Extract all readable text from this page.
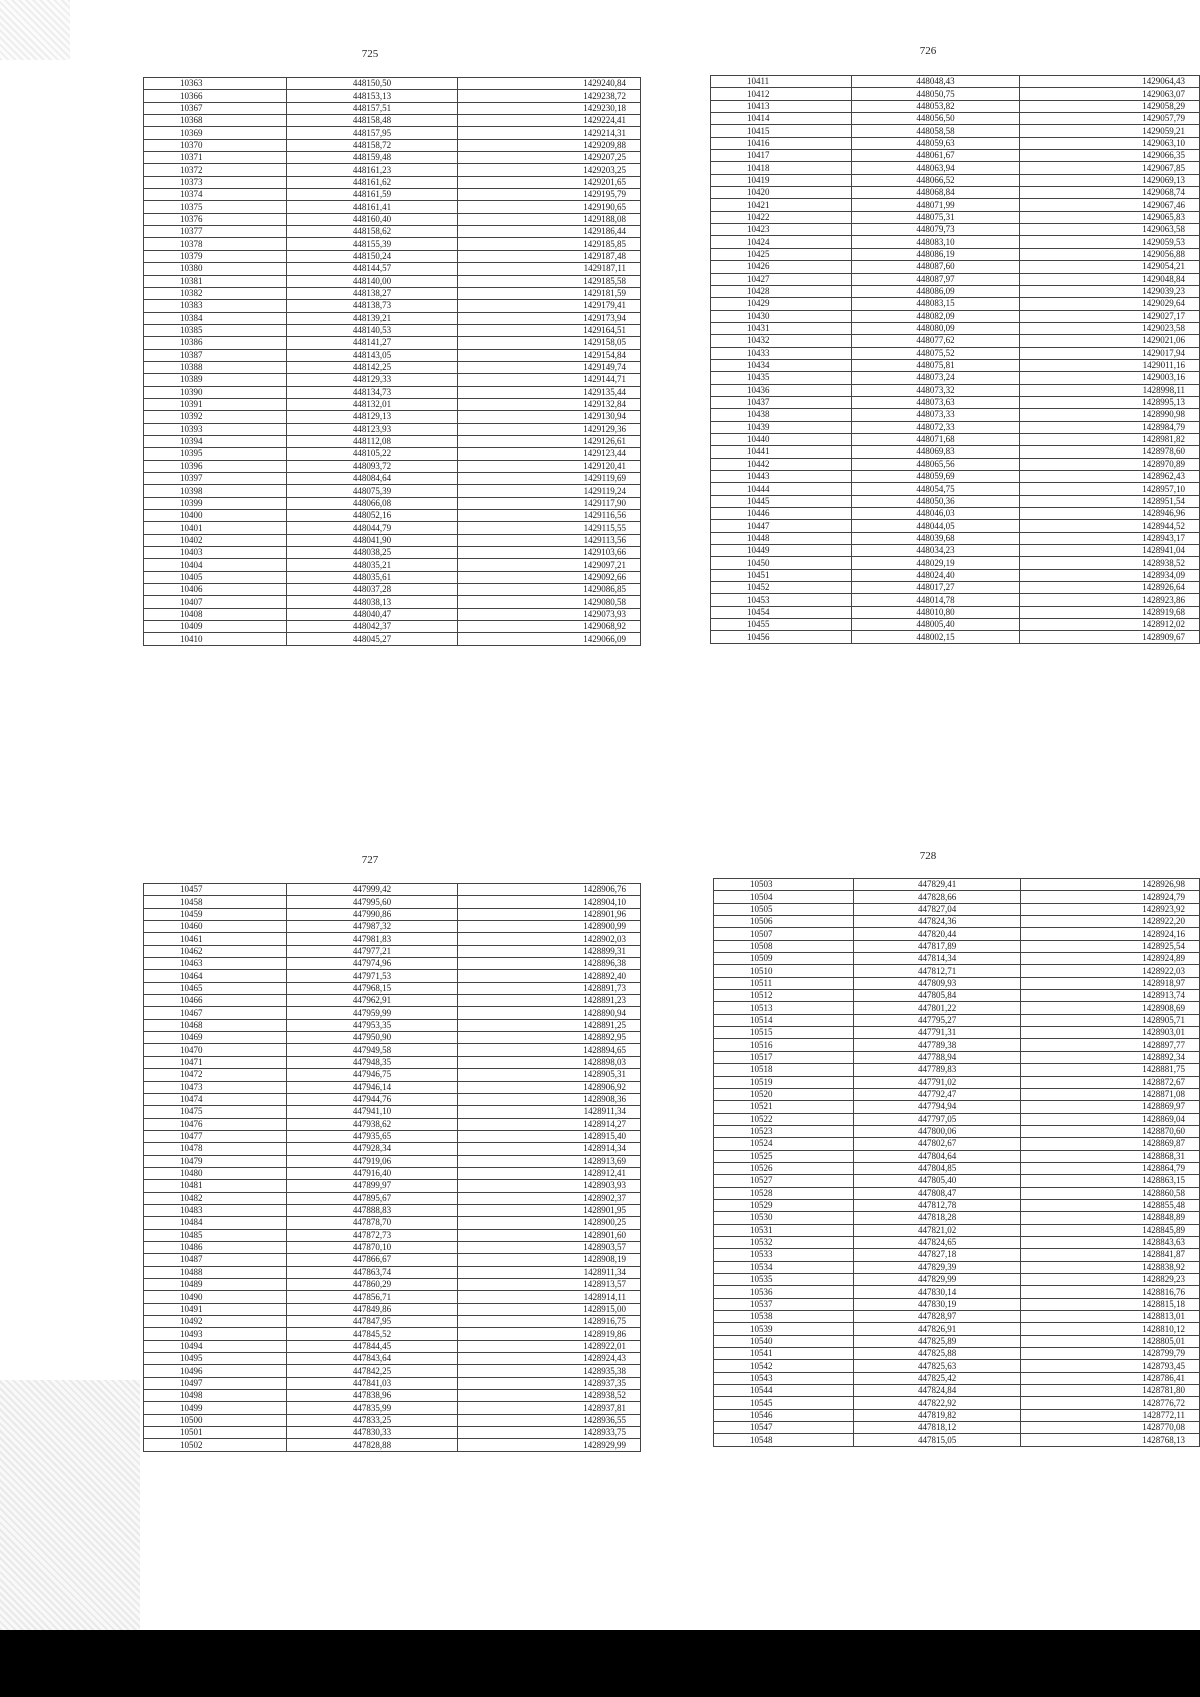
725
10363	448150,50	1429240,84
10366	448153,13	1429238,72
10367	448157,51	1429230,18
10368	448158,48	1429224,41
10369	448157,95	1429214,31
10370	448158,72	1429209,88
10371	448159,48	1429207,25
10372	448161,23	1429203,25
10373	448161,62	1429201,65
10374	448161,59	1429195,79
10375	448161,41	1429190,65
10376	448160,40	1429188,08
10377	448158,62	1429186,44
10378	448155,39	1429185,85
10379	448150,24	1429187,48
10380	448144,57	1429187,11
10381	448140,00	1429185,58
10382	448138,27	1429181,59
10383	448138,73	1429179,41
10384	448139,21	1429173,94
10385	448140,53	1429164,51
10386	448141,27	1429158,05
10387	448143,05	1429154,84
10388	448142,25	1429149,74
10389	448129,33	1429144,71
10390	448134,73	1429135,44
10391	448132,01	1429132,84
10392	448129,13	1429130,94
10393	448123,93	1429129,36
10394	448112,08	1429126,61
10395	448105,22	1429123,44
10396	448093,72	1429120,41
10397	448084,64	1429119,69
10398	448075,39	1429119,24
10399	448066,08	1429117,90
10400	448052,16	1429116,56
10401	448044,79	1429115,55
10402	448041,90	1429113,56
10403	448038,25	1429103,66
10404	448035,21	1429097,21
10405	448035,61	1429092,66
10406	448037,28	1429086,85
10407	448038,13	1429080,58
10408	448040,47	1429073,93
10409	448042,37	1429068,92
10410	448045,27	1429066,09
726
10411	448048,43	1429064,43
10412	448050,75	1429063,07
10413	448053,82	1429058,29
10414	448056,50	1429057,79
10415	448058,58	1429059,21
10416	448059,63	1429063,10
10417	448061,67	1429066,35
10418	448063,94	1429067,85
10419	448066,52	1429069,13
10420	448068,84	1429068,74
10421	448071,99	1429067,46
10422	448075,31	1429065,83
10423	448079,73	1429063,58
10424	448083,10	1429059,53
10425	448086,19	1429056,88
10426	448087,60	1429054,21
10427	448087,97	1429048,84
10428	448086,09	1429039,23
10429	448083,15	1429029,64
10430	448082,09	1429027,17
10431	448080,09	1429023,58
10432	448077,62	1429021,06
10433	448075,52	1429017,94
10434	448075,81	1429011,16
10435	448073,24	1429003,16
10436	448073,32	1428998,11
10437	448073,63	1428995,13
10438	448073,33	1428990,98
10439	448072,33	1428984,79
10440	448071,68	1428981,82
10441	448069,83	1428978,60
10442	448065,56	1428970,89
10443	448059,69	1428962,43
10444	448054,75	1428957,10
10445	448050,36	1428951,54
10446	448046,03	1428946,96
10447	448044,05	1428944,52
10448	448039,68	1428943,17
10449	448034,23	1428941,04
10450	448029,19	1428938,52
10451	448024,40	1428934,09
10452	448017,27	1428926,64
10453	448014,78	1428923,86
10454	448010,80	1428919,68
10455	448005,40	1428912,02
10456	448002,15	1428909,67
727
10457	447999,42	1428906,76
10458	447995,60	1428904,10
10459	447990,86	1428901,96
10460	447987,32	1428900,99
10461	447981,83	1428902,03
10462	447977,21	1428899,31
10463	447974,96	1428896,38
10464	447971,53	1428892,40
10465	447968,15	1428891,73
10466	447962,91	1428891,23
10467	447959,99	1428890,94
10468	447953,35	1428891,25
10469	447950,90	1428892,95
10470	447949,58	1428894,65
10471	447948,35	1428898,03
10472	447946,75	1428905,31
10473	447946,14	1428906,92
10474	447944,76	1428908,36
10475	447941,10	1428911,34
10476	447938,62	1428914,27
10477	447935,65	1428915,40
10478	447928,34	1428914,34
10479	447919,06	1428913,69
10480	447916,40	1428912,41
10481	447899,97	1428903,93
10482	447895,67	1428902,37
10483	447888,83	1428901,95
10484	447878,70	1428900,25
10485	447872,73	1428901,60
10486	447870,10	1428903,57
10487	447866,67	1428908,19
10488	447863,74	1428911,34
10489	447860,29	1428913,57
10490	447856,71	1428914,11
10491	447849,86	1428915,00
10492	447847,95	1428916,75
10493	447845,52	1428919,86
10494	447844,45	1428922,01
10495	447843,64	1428924,43
10496	447842,25	1428935,38
10497	447841,03	1428937,35
10498	447838,96	1428938,52
10499	447835,99	1428937,81
10500	447833,25	1428936,55
10501	447830,33	1428933,75
10502	447828,88	1428929,99
728
10503	447829,41	1428926,98
10504	447828,66	1428924,79
10505	447827,04	1428923,92
10506	447824,36	1428922,20
10507	447820,44	1428924,16
10508	447817,89	1428925,54
10509	447814,34	1428924,89
10510	447812,71	1428922,03
10511	447809,93	1428918,97
10512	447805,84	1428913,74
10513	447801,22	1428908,69
10514	447795,27	1428905,71
10515	447791,31	1428903,01
10516	447789,38	1428897,77
10517	447788,94	1428892,34
10518	447789,83	1428881,75
10519	447791,02	1428872,67
10520	447792,47	1428871,08
10521	447794,94	1428869,97
10522	447797,05	1428869,04
10523	447800,06	1428870,60
10524	447802,67	1428869,87
10525	447804,64	1428868,31
10526	447804,85	1428864,79
10527	447805,40	1428863,15
10528	447808,47	1428860,58
10529	447812,78	1428855,48
10530	447818,28	1428848,89
10531	447821,02	1428845,89
10532	447824,65	1428843,63
10533	447827,18	1428841,87
10534	447829,39	1428838,92
10535	447829,99	1428829,23
10536	447830,14	1428816,76
10537	447830,19	1428815,18
10538	447828,97	1428813,01
10539	447826,91	1428810,12
10540	447825,89	1428805,01
10541	447825,88	1428799,79
10542	447825,63	1428793,45
10543	447825,42	1428786,41
10544	447824,84	1428781,80
10545	447822,92	1428776,72
10546	447819,82	1428772,11
10547	447818,12	1428770,08
10548	447815,05	1428768,13
